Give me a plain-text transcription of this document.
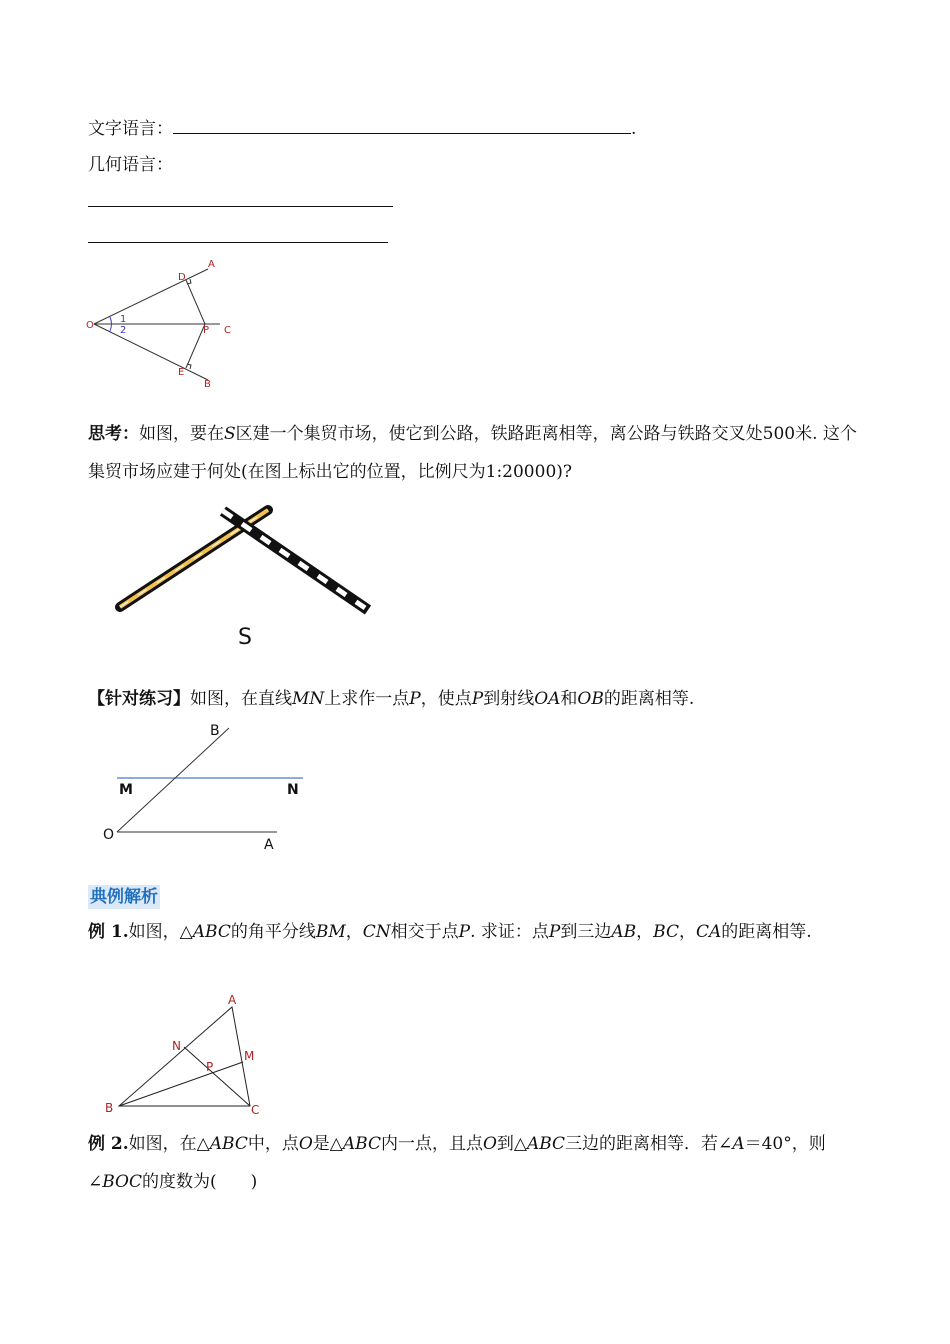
文字语言：	.
几何语言：
A
D
O
1
2	P C
E
B
思考：如图，要在S区建一个集贸市场，使它到公路，铁路距离相等，离公路与铁路交叉处500米. 这个集贸市场应建于何处(在图上标出它的位置，比例尺为1:20000)?
S
【针对练习】如图，在直线MN上求作一点P，使点P到射线OA和OB的距离相等.
B
M	N
O
A
典例解析
例 1.如图，△ABC的角平分线BM，CN相交于点P. 求证：点P到三边AB，BC，CA的距离相等.
A
N
M
P
B	C
例 2.如图，在△ABC中，点O是△ABC内一点，且点O到△ABC三边的距离相等．若∠A＝40°，则∠BOC的度数为(　　)
